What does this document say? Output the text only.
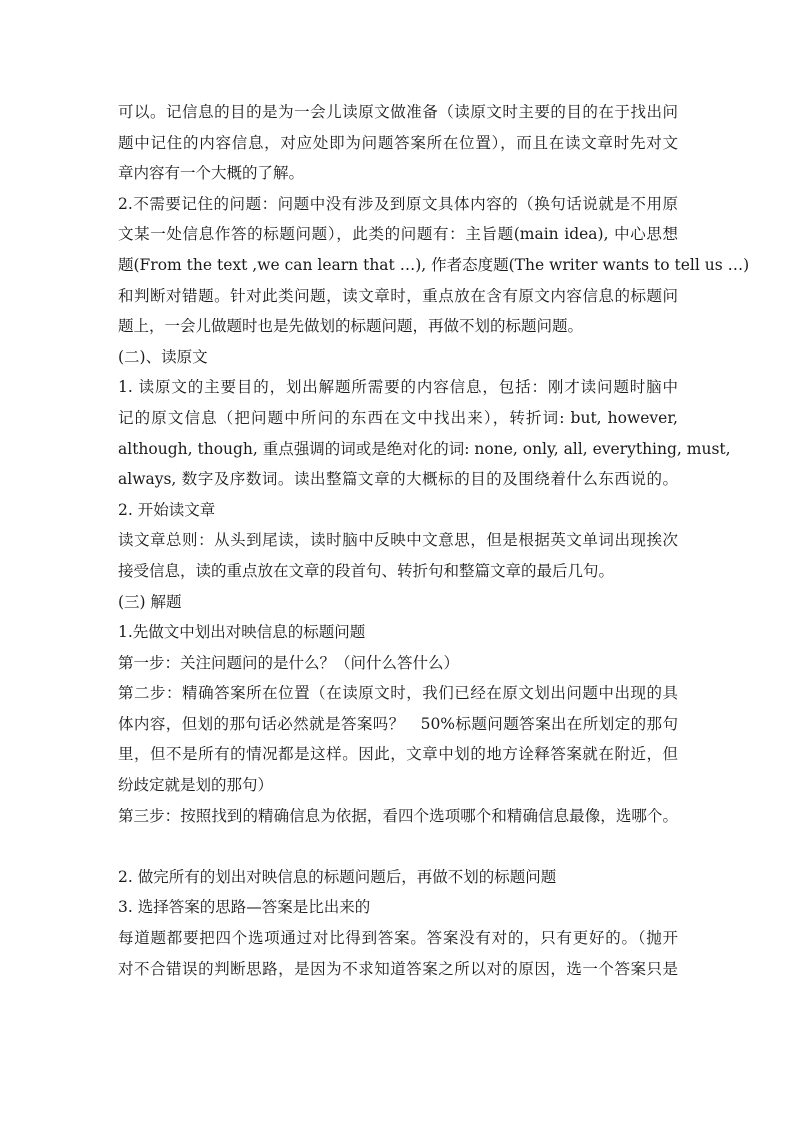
可以。记信息的目的是为一会儿读原文做准备（读原文时主要的目的在于找出问
题中记住的内容信息，对应处即为问题答案所在位置），而且在读文章时先对文
章内容有一个大概的了解。
2.不需要记住的问题：问题中没有涉及到原文具体内容的（换句话说就是不用原
文某一处信息作答的标题问题），此类的问题有：主旨题(main idea), 中心思想
题(From the text ,we can learn that …), 作者态度题(The writer wants to tell us …)
和判断对错题。针对此类问题，读文章时，重点放在含有原文内容信息的标题问
题上，一会儿做题时也是先做划的标题问题，再做不划的标题问题。
(二)、读原文
1. 读原文的主要目的，划出解题所需要的内容信息，包括：刚才读问题时脑中
记的原文信息（把问题中所问的东西在文中找出来），转折词: but, however,
although, though, 重点强调的词或是绝对化的词: none, only, all, everything, must,
always, 数字及序数词。读出整篇文章的大概标的目的及围绕着什么东西说的。
2. 开始读文章
读文章总则：从头到尾读，读时脑中反映中文意思，但是根据英文单词出现挨次
接受信息，读的重点放在文章的段首句、转折句和整篇文章的最后几句。
(三) 解题
1.先做文中划出对映信息的标题问题
第一步：关注问题问的是什么？（问什么答什么）
第二步：精确答案所在位置（在读原文时，我们已经在原文划出问题中出现的具
体内容，但划的那句话必然就是答案吗？　50%标题问题答案出在所划定的那句
里，但不是所有的情况都是这样。因此，文章中划的地方诠释答案就在附近，但
纷歧定就是划的那句）
第三步：按照找到的精确信息为依据，看四个选项哪个和精确信息最像，选哪个。
2. 做完所有的划出对映信息的标题问题后，再做不划的标题问题
3. 选择答案的思路—答案是比出来的
每道题都要把四个选项通过对比得到答案。答案没有对的，只有更好的。（抛开
对不合错误的判断思路，是因为不求知道答案之所以对的原因，选一个答案只是
